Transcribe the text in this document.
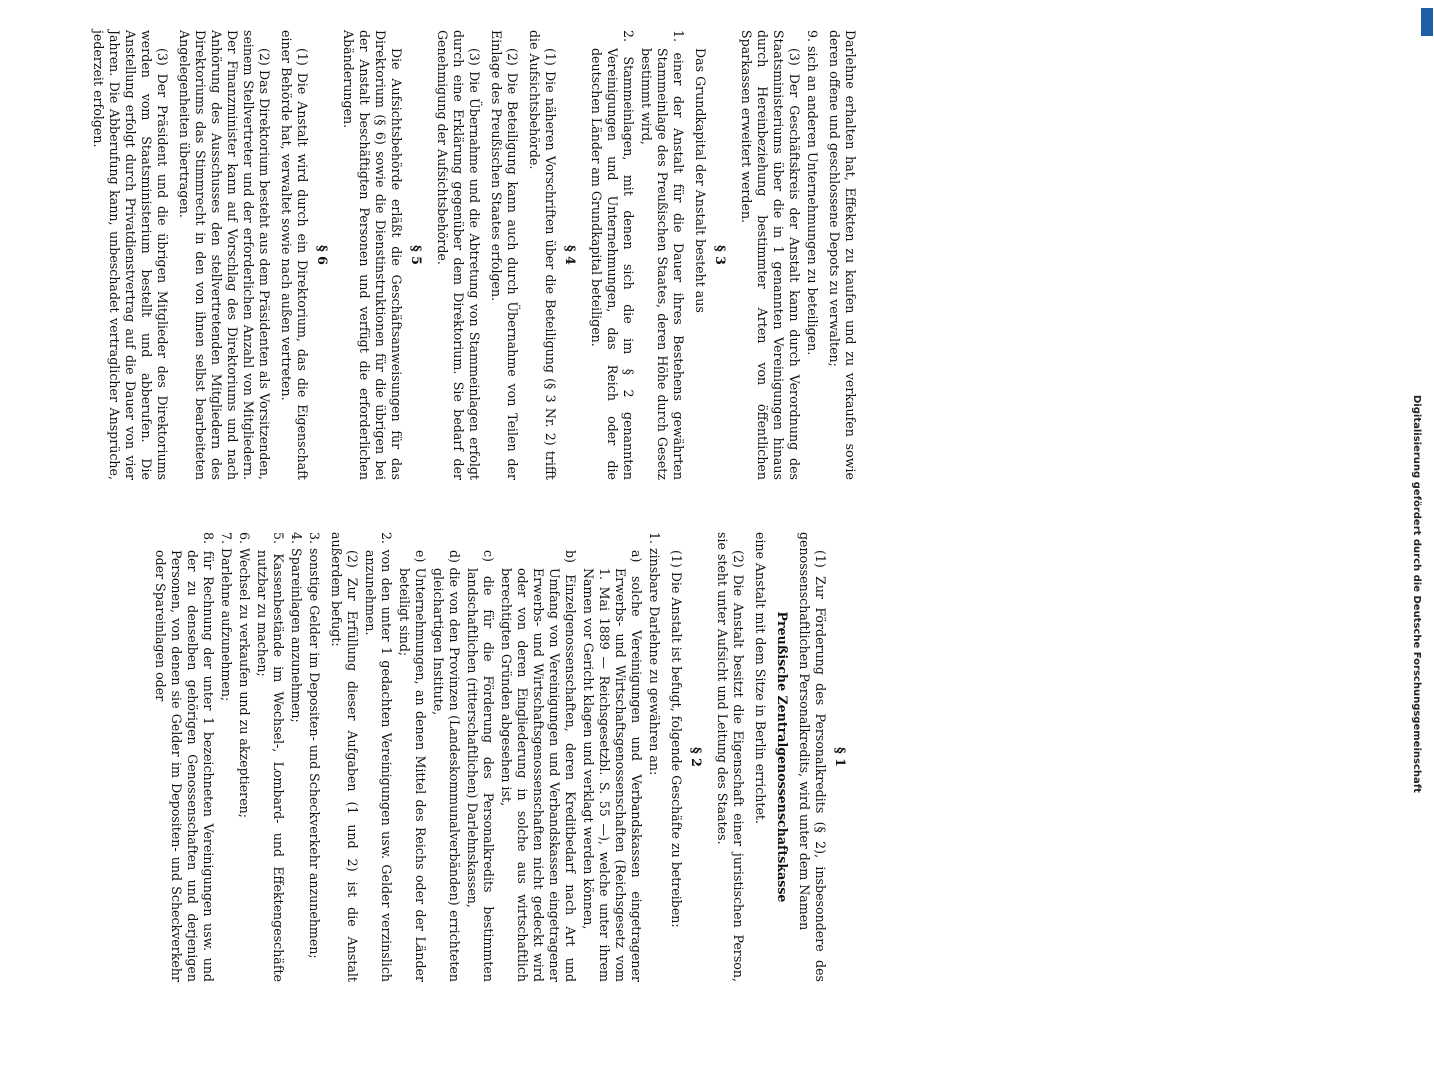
§ 1

(1) Zur Förderung des Personalkredits (§ 2), insbesondere des genossenschaftlichen Personalkredits, wird unter dem Namen

Preußische Zentralgenossenschaftskasse

eine Anstalt mit dem Sitze in Berlin errichtet.

(2) Die Anstalt besitzt die Eigenschaft einer juristischen Person, sie steht unter Aufsicht und Leitung des Staates.

§ 2

(1) Die Anstalt ist befugt, folgende Geschäfte zu betreiben:

1. zinsbare Darlehne zu gewähren an:
a) solche Vereinigungen und Verbandskassen eingetragener Erwerbs- und Wirtschaftsgenossenschaften (Reichsgesetz vom 1. Mai 1889 — Reichsgesetzbl. S. 55 —), welche unter ihrem Namen vor Gericht klagen und verklagt werden können,
b) Einzelgenossenschaften, deren Kreditbedarf nach Art und Umfang von Vereinigungen und Verbandskassen eingetragener Erwerbs- und Wirtschaftsgenossenschaften nicht gedeckt wird oder von deren Eingliederung in solche aus wirtschaftlich berechtigten Gründen abgesehen ist,
c) die für die Förderung des Personalkredits bestimmten landschaftlichen (ritterschaftlichen) Darlehnskassen,
d) die von den Provinzen (Landeskommunalverbänden) errichteten gleichartigen Institute,
e) Unternehmungen, an denen Mittel des Reichs oder der Länder beteiligt sind;
2. von den unter 1 gedachten Vereinigungen usw. Gelder verzinslich anzunehmen.

(2) Zur Erfüllung dieser Aufgaben (1 und 2) ist die Anstalt außerdem befugt:

3. sonstige Gelder im Depositen- und Scheckverkehr anzunehmen;
4. Spareinlagen anzunehmen;
5. Kassenbestände im Wechsel-, Lombard- und Effektengeschäfte nutzbar zu machen;
6. Wechsel zu verkaufen und zu akzeptieren;
7. Darlehne aufzunehmen;
8. für Rechnung der unter 1 bezeichneten Vereinigungen usw. und der zu denselben gehörigen Genossenschaften und derjenigen Personen, von denen sie Gelder im Depositen- und Scheckverkehr oder Spareinlagen oder

Darlehne erhalten hat, Effekten zu kaufen und zu verkaufen sowie deren offene und geschlossene Depots zu verwalten;

9. sich an anderen Unternehmungen zu beteiligen.

(3) Der Geschäftskreis der Anstalt kann durch Verordnung des Staatsministeriums über die in 1 genannten Vereinigungen hinaus durch Hereinbeziehung bestimmter Arten von öffentlichen Sparkassen erweitert werden.

§ 3

Das Grundkapital der Anstalt besteht aus

1. einer der Anstalt für die Dauer ihres Bestehens gewährten Stammeinlage des Preußischen Staates, deren Höhe durch Gesetz bestimmt wird,
2. Stammeinlagen, mit denen sich die im § 2 genannten Vereinigungen und Unternehmungen, das Reich oder die deutschen Länder am Grundkapital beteiligen.
§ 4

(1) Die näheren Vorschriften über die Beteiligung (§ 3 Nr. 2) trifft die Aufsichtsbehörde.

(2) Die Beteiligung kann auch durch Übernahme von Teilen der Einlage des Preußischen Staates erfolgen.

(3) Die Übernahme und die Abtretung von Stammeinlagen erfolgt durch eine Erklärung gegenüber dem Direktorium. Sie bedarf der Genehmigung der Aufsichtsbehörde.

§ 5

Die Aufsichtsbehörde erläßt die Geschäftsanweisungen für das Direktorium (§ 6) sowie die Dienstinstruktionen für die übrigen bei der Anstalt beschäftigten Personen und verfügt die erforderlichen Abänderungen.

§ 6

(1) Die Anstalt wird durch ein Direktorium, das die Eigenschaft einer Behörde hat, verwaltet sowie nach außen vertreten.

(2) Das Direktorium besteht aus dem Präsidenten als Vorsitzenden, seinem Stellvertreter und der erforderlichen Anzahl von Mitgliedern. Der Finanzminister kann auf Vorschlag des Direktoriums und nach Anhörung des Ausschusses den stellvertretenden Mitgliedern des Direktoriums das Stimmrecht in den von ihnen selbst bearbeiteten Angelegenheiten übertragen.

(3) Der Präsident und die übrigen Mitglieder des Direktoriums werden vom Staatsministerium bestellt und abberufen. Die Anstellung erfolgt durch Privatdienstvertrag auf die Dauer von vier Jahren. Die Abberufung kann, unbeschadet vertraglicher Ansprüche, jederzeit erfolgen.	DFG
Digitalisierung gefördert durch die Deutsche Forschungsgemeinschaft
